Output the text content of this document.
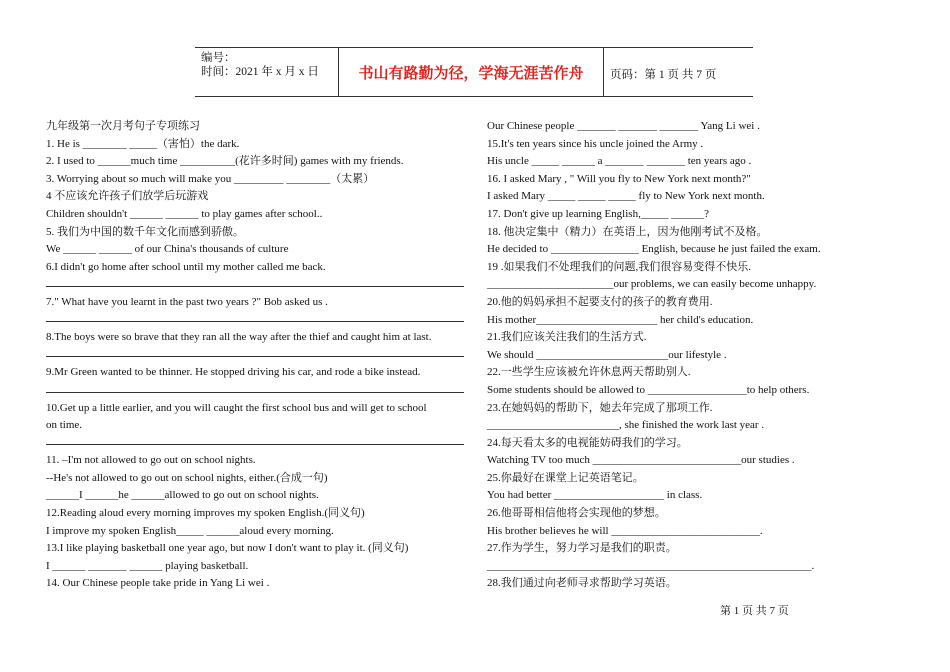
编号：
时间：2021 年 x 月 x 日	书山有路勤为径，学海无涯苦作舟	页码：第 1 页 共 7 页
九年级第一次月考句子专项练习
1. He is ________ _____（害怕）the dark.
2. I used to ______much time __________(花许多时间) games with my friends.
3. Worrying about so much will make you _________ ________（太累）
4 不应该允许孩子们放学后玩游戏
Children shouldn't ______ ______ to play games after school..
5. 我们为中国的数千年文化而感到骄傲。
We ______ ______ of our China's thousands of culture
6.I didn't go home after school until my mother called me back.
7." What have you learnt in the past two years ?" Bob asked us .
8.The boys were so brave that they ran all the way after the thief and caught him at last.
9.Mr Green wanted to be thinner. He stopped driving his car, and rode a bike instead.
10.Get up a little earlier, and you will caught the first school bus and will get to school
on time.
11. –I'm not allowed to go out on school nights.
--He's not allowed to go out on school nights, either.(合成一句)
______I ______he ______allowed to go out on school nights.
12.Reading aloud every morning improves my spoken English.(同义句)
I improve my spoken English_____ ______aloud every morning.
13.I like playing basketball one year ago, but now I don't want to play it. (同义句)
I ______ _______ ______ playing basketball.
14. Our Chinese people take pride in Yang Li wei .
Our Chinese people _______ _______ _______ Yang Li wei .
15.It's ten years since his uncle joined the Army .
His uncle _____ ______ a _______ _______ ten years ago .
16. I asked Mary , " Will you fly to New York next month?"
I asked Mary _____ _____ _____ fly to New York next month.
17. Don't give up learning English,_____ ______?
18. 他决定集中（精力）在英语上，因为他刚考试不及格。
He decided to ________________ English, because he just failed the exam.
19 .如果我们不处理我们的问题,我们很容易变得不快乐.
_______________________our problems, we can easily become unhappy.
20.他的妈妈承担不起要支付的孩子的教育费用.
His mother______________________ her child's education.
21.我们应该关注我们的生活方式.
We should ________________________our lifestyle .
22.一些学生应该被允许休息两天帮助别人.
Some students should be allowed to __________________to help others.
23.在她妈妈的帮助下，她去年完成了那项工作.
________________________, she finished the work last year .
24.每天看太多的电视能妨碍我们的学习。
Watching TV too much ___________________________our studies .
25.你最好在课堂上记英语笔记。
You had better ____________________ in class.
26.他哥哥相信他将会实现他的梦想。
His brother believes he will ___________________________.
27.作为学生，努力学习是我们的职责。
___________________________________________________________.
28.我们通过向老师寻求帮助学习英语。
第 1 页 共 7 页
